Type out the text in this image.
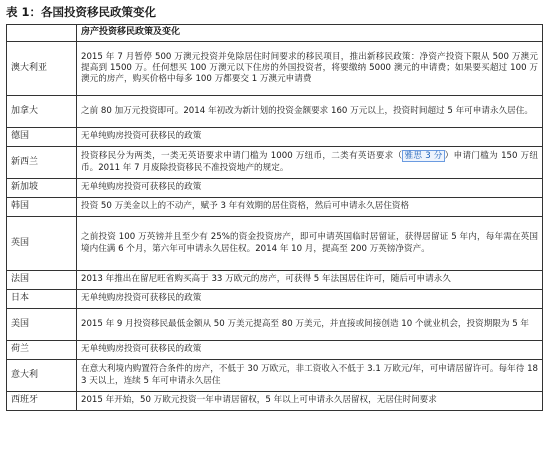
表 1：各国投资移民政策变化
	房产投资移民政策及变化
澳大利亚	2015 年 7 月暂停 500 万澳元投资并免除居住时间要求的移民项目，推出新移民政策：净资产投资下限从 500 万澳元提高到 1500 万。任何想买 100 万澳元以下住房的外国投资者，将要缴纳 5000 澳元的申请费；如果要买超过 100 万澳元的房产，购买价格中每多 100 万都要交 1 万澳元申请费
加拿大	之前 80 加万元投资即可。2014 年初改为新计划的投资金额要求 160 万元以上，投资时间超过 5 年可申请永久居住。
德国	无单纯购房投资可获移民的政策
新西兰	投资移民分为两类，一类无英语要求申请门槛为 1000 万纽币，二类有英语要求（ 雅思 3 分 ）申请门槛为 150 万纽币。2011 年 7 月废除投资移民不准投资地产的规定。
新加坡	无单纯购房投资可获移民的政策
韩国	投资 50 万美金以上的不动产，赋予 3 年有效期的居住资格，然后可申请永久居住资格
英国	之前投资 100 万英镑并且至少有 25%的资金投资房产，即可申请英国临时居留证，获得居留证 5 年内，每年需在英国境内住满 6 个月，第六年可申请永久居住权。2014 年 10 月，提高至 200 万英镑净资产。
法国	2013 年推出在留尼旺省购买高于 33 万欧元的房产，可获得 5 年法国居住许可，随后可申请永久
日本	无单纯购房投资可获移民的政策
美国	2015 年 9 月投资移民最低金额从 50 万美元提高至 80 万美元，并直接或间接创造 10 个就业机会，投资期限为 5 年
荷兰	无单纯购房投资可获移民的政策
意大利	在意大利境内购置符合条件的房产，不低于 30 万欧元，非工资收入不低于 3.1 万欧元/年，可申请居留许可。每年待 183 天以上，连续 5 年可申请永久居住
西班牙	2015 年开始，50 万欧元投资一年申请居留权，5 年以上可申请永久居留权，无居住时间要求
